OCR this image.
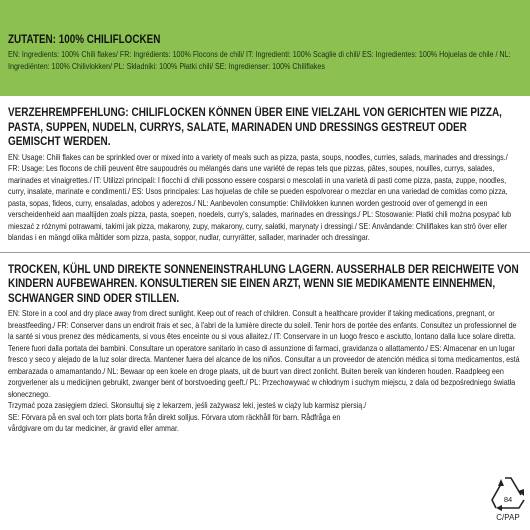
ZUTATEN: 100% CHILIFLOCKEN

EN: Ingredients: 100% Chili flakes/ FR: Ingrédients: 100% Flocons de chili/ IT: Ingredienti: 100% Scaglie di chili/ ES: Ingredientes: 100% Hojuelas de chile / NL: Ingrediënten: 100% Chilivlokken/ PL: Składniki: 100% Płatki chili/ SE: Ingredienser: 100% Chiliflakes

VERZEHREMPFEHLUNG: CHILIFLOCKEN KÖNNEN ÜBER EINE VIELZAHL VON GERICHTEN WIE PIZZA, PASTA, SUPPEN, NUDELN, CURRYS, SALATE, MARINADEN UND DRESSINGS GESTREUT ODER GEMISCHT WERDEN.

EN: Usage: Chili flakes can be sprinkled over or mixed into a variety of meals such as pizza, pasta, soups, noodles, curries, salads, marinades and dressings./ FR: Usage: Les flocons de chili peuvent être saupoudrés ou mélangés dans une variété de repas tels que pizzas, pâtes, soupes, nouilles, currys, salades, marinades et vinaigrettes./ IT: Utilizzi principali: I fiocchi di chili possono essere cosparsi o mescolati in una varietà di pasti come pizza, pasta, zuppe, noodles, curry, insalate, marinate e condimenti./ ES: Usos principales: Las hojuelas de chile se pueden espolvorear o mezclar en una variedad de comidas como pizza, pasta, sopas, fideos, curry, ensaladas, adobos y aderezos./ NL: Aanbevolen consumptie: Chilivlokken kunnen worden gestrooid over of gemengd in een verscheidenheid aan maaltijden zoals pizza, pasta, soepen, noedels, curry's, salades, marinades en dressings./ PL: Stosowanie: Płatki chili można posypać lub mieszać z różnymi potrawami, takimi jak pizza, makarony, zupy, makarony, curry, sałatki, marynaty i dressingi./ SE: Användande: Chiliflakes kan strö över eller blandas i en mängd olika måltider som pizza, pasta, soppor, nudlar, curryrätter, sallader, marinader och dressingar.

TROCKEN, KÜHL UND DIREKTE SONNENEINSTRAHLUNG LAGERN. AUSSERHALB DER REICHWEITE VON KINDERN AUFBEWAHREN. KONSULTIEREN SIE EINEN ARZT, WENN SIE MEDIKAMENTE EINNEHMEN, SCHWANGER SIND ODER STILLEN.

EN: Store in a cool and dry place away from direct sunlight. Keep out of reach of children. Consult a healthcare provider if taking medications, pregnant, or breastfeeding./ FR: Conserver dans un endroit frais et sec, à l'abri de la lumière directe du soleil. Tenir hors de portée des enfants. Consultez un professionnel de la santé si vous prenez des médicaments, si vous êtes enceinte ou si vous allaitez./ IT: Conservare in un luogo fresco e asciutto, lontano dalla luce solare diretta. Tenere fuori dalla portata dei bambini. Consultare un operatore sanitario in caso di assunzione di farmaci, gravidanza o allattamento./ ES: Almacenar en un lugar fresco y seco y alejado de la luz solar directa. Mantener fuera del alcance de los niños. Consultar a un proveedor de atención médica si toma medicamentos, está embarazada o amamantando./ NL: Bewaar op een koele en droge plaats, uit de buurt van direct zonlicht. Buiten bereik van kinderen houden. Raadpleeg een zorgverlener als u medicijnen gebruikt, zwanger bent of borstvoeding geeft./ PL: Przechowywać w chłodnym i suchym miejscu, z dala od bezpośredniego światła słonecznego.

Trzymać poza zasięgiem dzieci. Skonsultuj się z lekarzem, jeśli zażywasz leki, jesteś w ciąży lub karmisz piersią./ SE: Förvara på en sval och torr plats borta från direkt solljus. Förvara utom räckhåll för barn. Rådfråga en vårdgivare om du tar mediciner, är gravid eller ammar.

84
C/PAP
